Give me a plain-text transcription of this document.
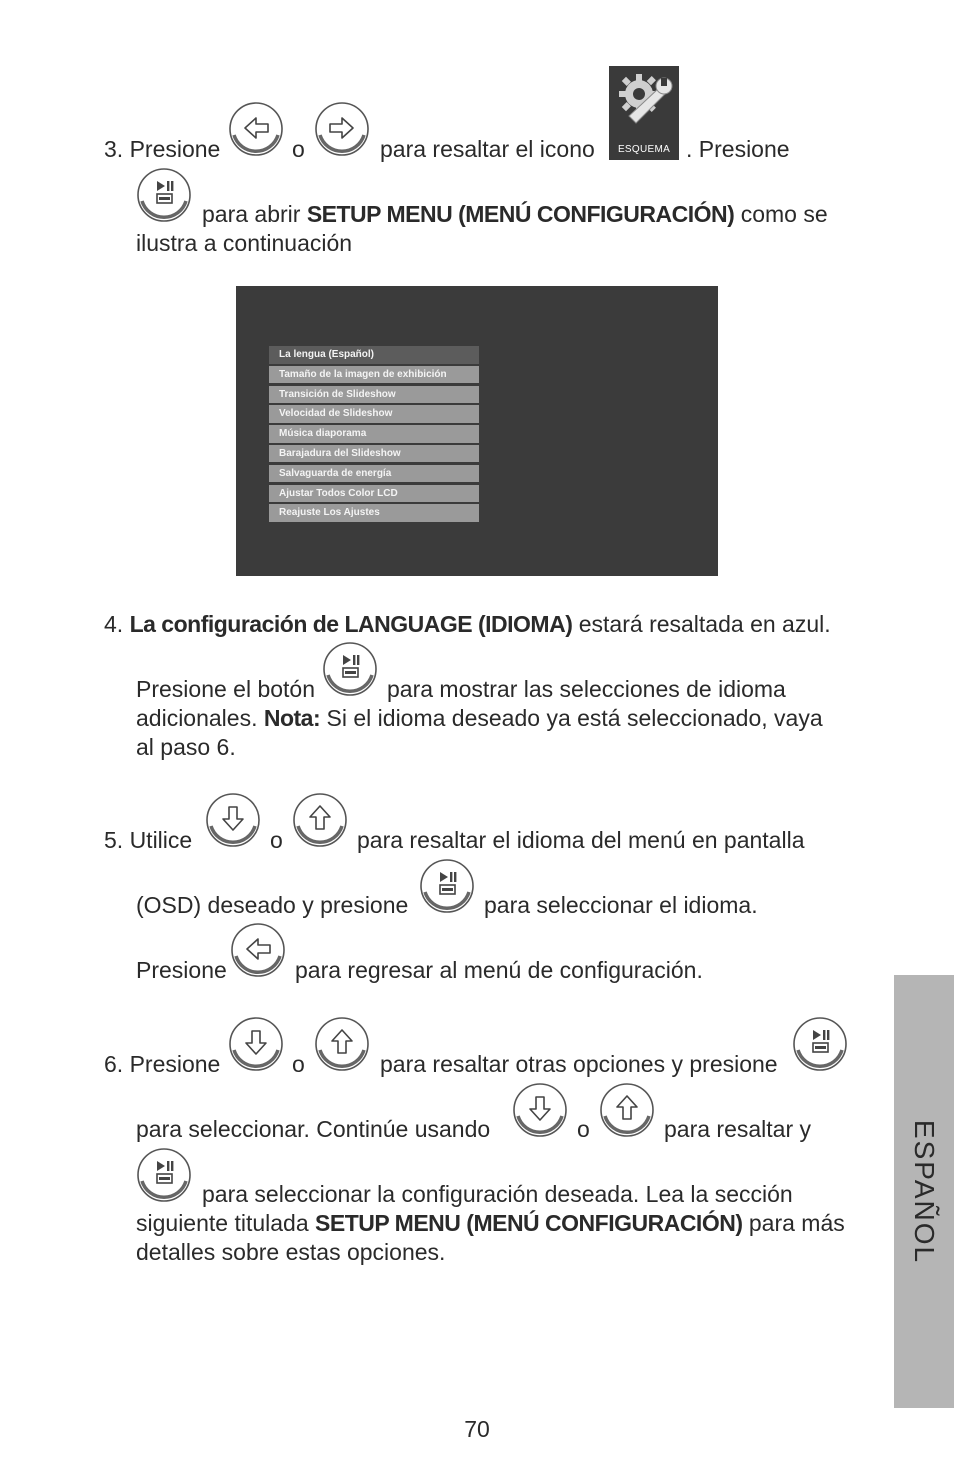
3. Presione	o	para resaltar el icono	ESQUEMA . Presione
para abrir SETUP MENU (MENÚ CONFIGURACIÓN) como se
ilustra a continuación
La lengua (Español)
Tamaño de la imagen de exhibición
Transición de Slideshow
Velocidad de Slideshow
Música diaporama
Barajadura del Slideshow
Salvaguarda de energía
Ajustar Todos Color LCD
Reajuste Los Ajustes
4. La configuración de LANGUAGE (IDIOMA) estará resaltada en azul.
Presione el botón	para mostrar las selecciones de idioma
adicionales. Nota: Si el idioma deseado ya está seleccionado, vaya
al paso 6.
5. Utilice	o	para resaltar el idioma del menú en pantalla
(OSD) deseado y presione	para seleccionar el idioma.
Presione	para regresar al menú de configuración.
6. Presione	o	para resaltar otras opciones y presione
para seleccionar. Continúe usando	o	para resaltar y
para seleccionar la configuración deseada. Lea la sección
siguiente titulada SETUP MENU (MENÚ CONFIGURACIÓN) para más
detalles sobre estas opciones.	ESPAÑOL
70
